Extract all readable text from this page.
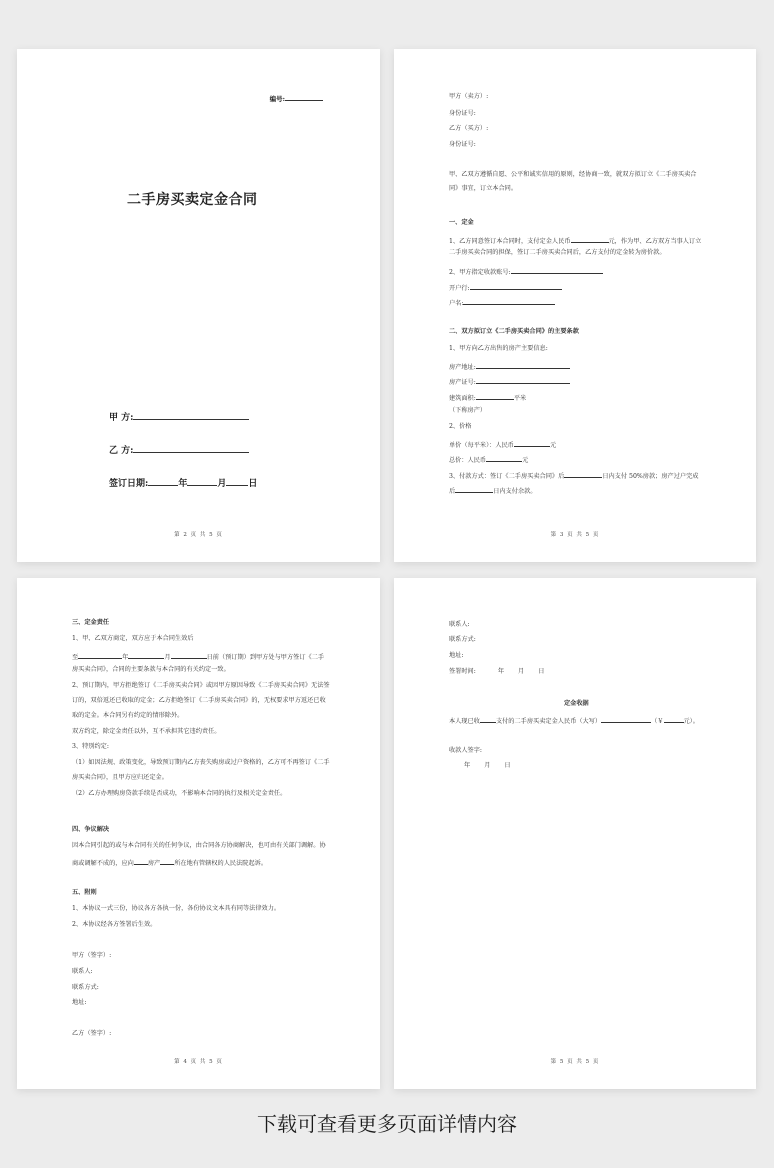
编号:
二手房买卖定金合同
甲 方:
乙 方:
签订日期:	年	月 日
第 2 页 共 5 页
甲方（卖方）:
身份证号:
乙方（买方）:
身份证号:
甲、乙双方遵循自愿、公平和诚实信用的原则，经协商一致，就双方拟订立《二手房买卖合
同》事宜，订立本合同。
一、定金
1、乙方同意签订本合同时，支付定金人民币	元，作为甲、乙方双方当事人订立
二手房买卖合同的担保，签订二手房买卖合同后，乙方支付的定金转为房价款。
2、甲方指定收款账号:
开户行:
户名:
二、双方拟订立《二手房买卖合同》的主要条款
1、甲方向乙方出售的房产主要信息:
房产地址:
房产证号:
建筑面积:	平米
（下称房产）
2、价格
单价（每平米）：人民币	元
总价：人民币	元
3、付款方式：签订《二手房买卖合同》后	日内支付 50%房款；房产过户完成
后	日内支付余款。
第 3 页 共 5 页
三、定金责任
1、甲、乙双方商定，双方应于本合同生效后
至	年	月	日前（预订期）到甲方处与甲方签订《二手
房买卖合同》，合同的主要条款与本合同的有关约定一致。
2、预订期内，甲方拒绝签订《二手房买卖合同》或因甲方原因导致《二手房买卖合同》无法签
订的，双倍返还已收取的定金；乙方拒绝签订《二手房买卖合同》的，无权要求甲方返还已收
取的定金。本合同另有约定的情形除外。
双方约定，除定金责任以外，互不承担其它违约责任。
3、特别约定:
（1）如因法规、政策变化，导致预订期内乙方丧失购房或过户资格的，乙方可不再签订《二手
房买卖合同》，且甲方应归还定金。
（2）乙方办理购房贷款手续是否成功，不影响本合同的执行及相关定金责任。
四、争议解决
因本合同引起的或与本合同有关的任何争议，由合同各方协商解决，也可由有关部门调解。协
商或调解不成的，应向 房产 所在地有管辖权的人民法院起诉。
五、附则
1、本协议一式三份，协议各方各执一份，各份协议文本具有同等法律效力。
2、本协议经各方签署后生效。
甲方（签字）:
联系人:
联系方式:
地址:
乙方（签字）:
第 4 页 共 5 页
联系人:
联系方式:
地址:
签署时间:	年 月 日
定金收据
本人现已收	支付的二手房买卖定金人民币（大写）	（￥	元）。
收款人签字:
年 月 日
第 5 页 共 5 页
下载可查看更多页面详情内容
